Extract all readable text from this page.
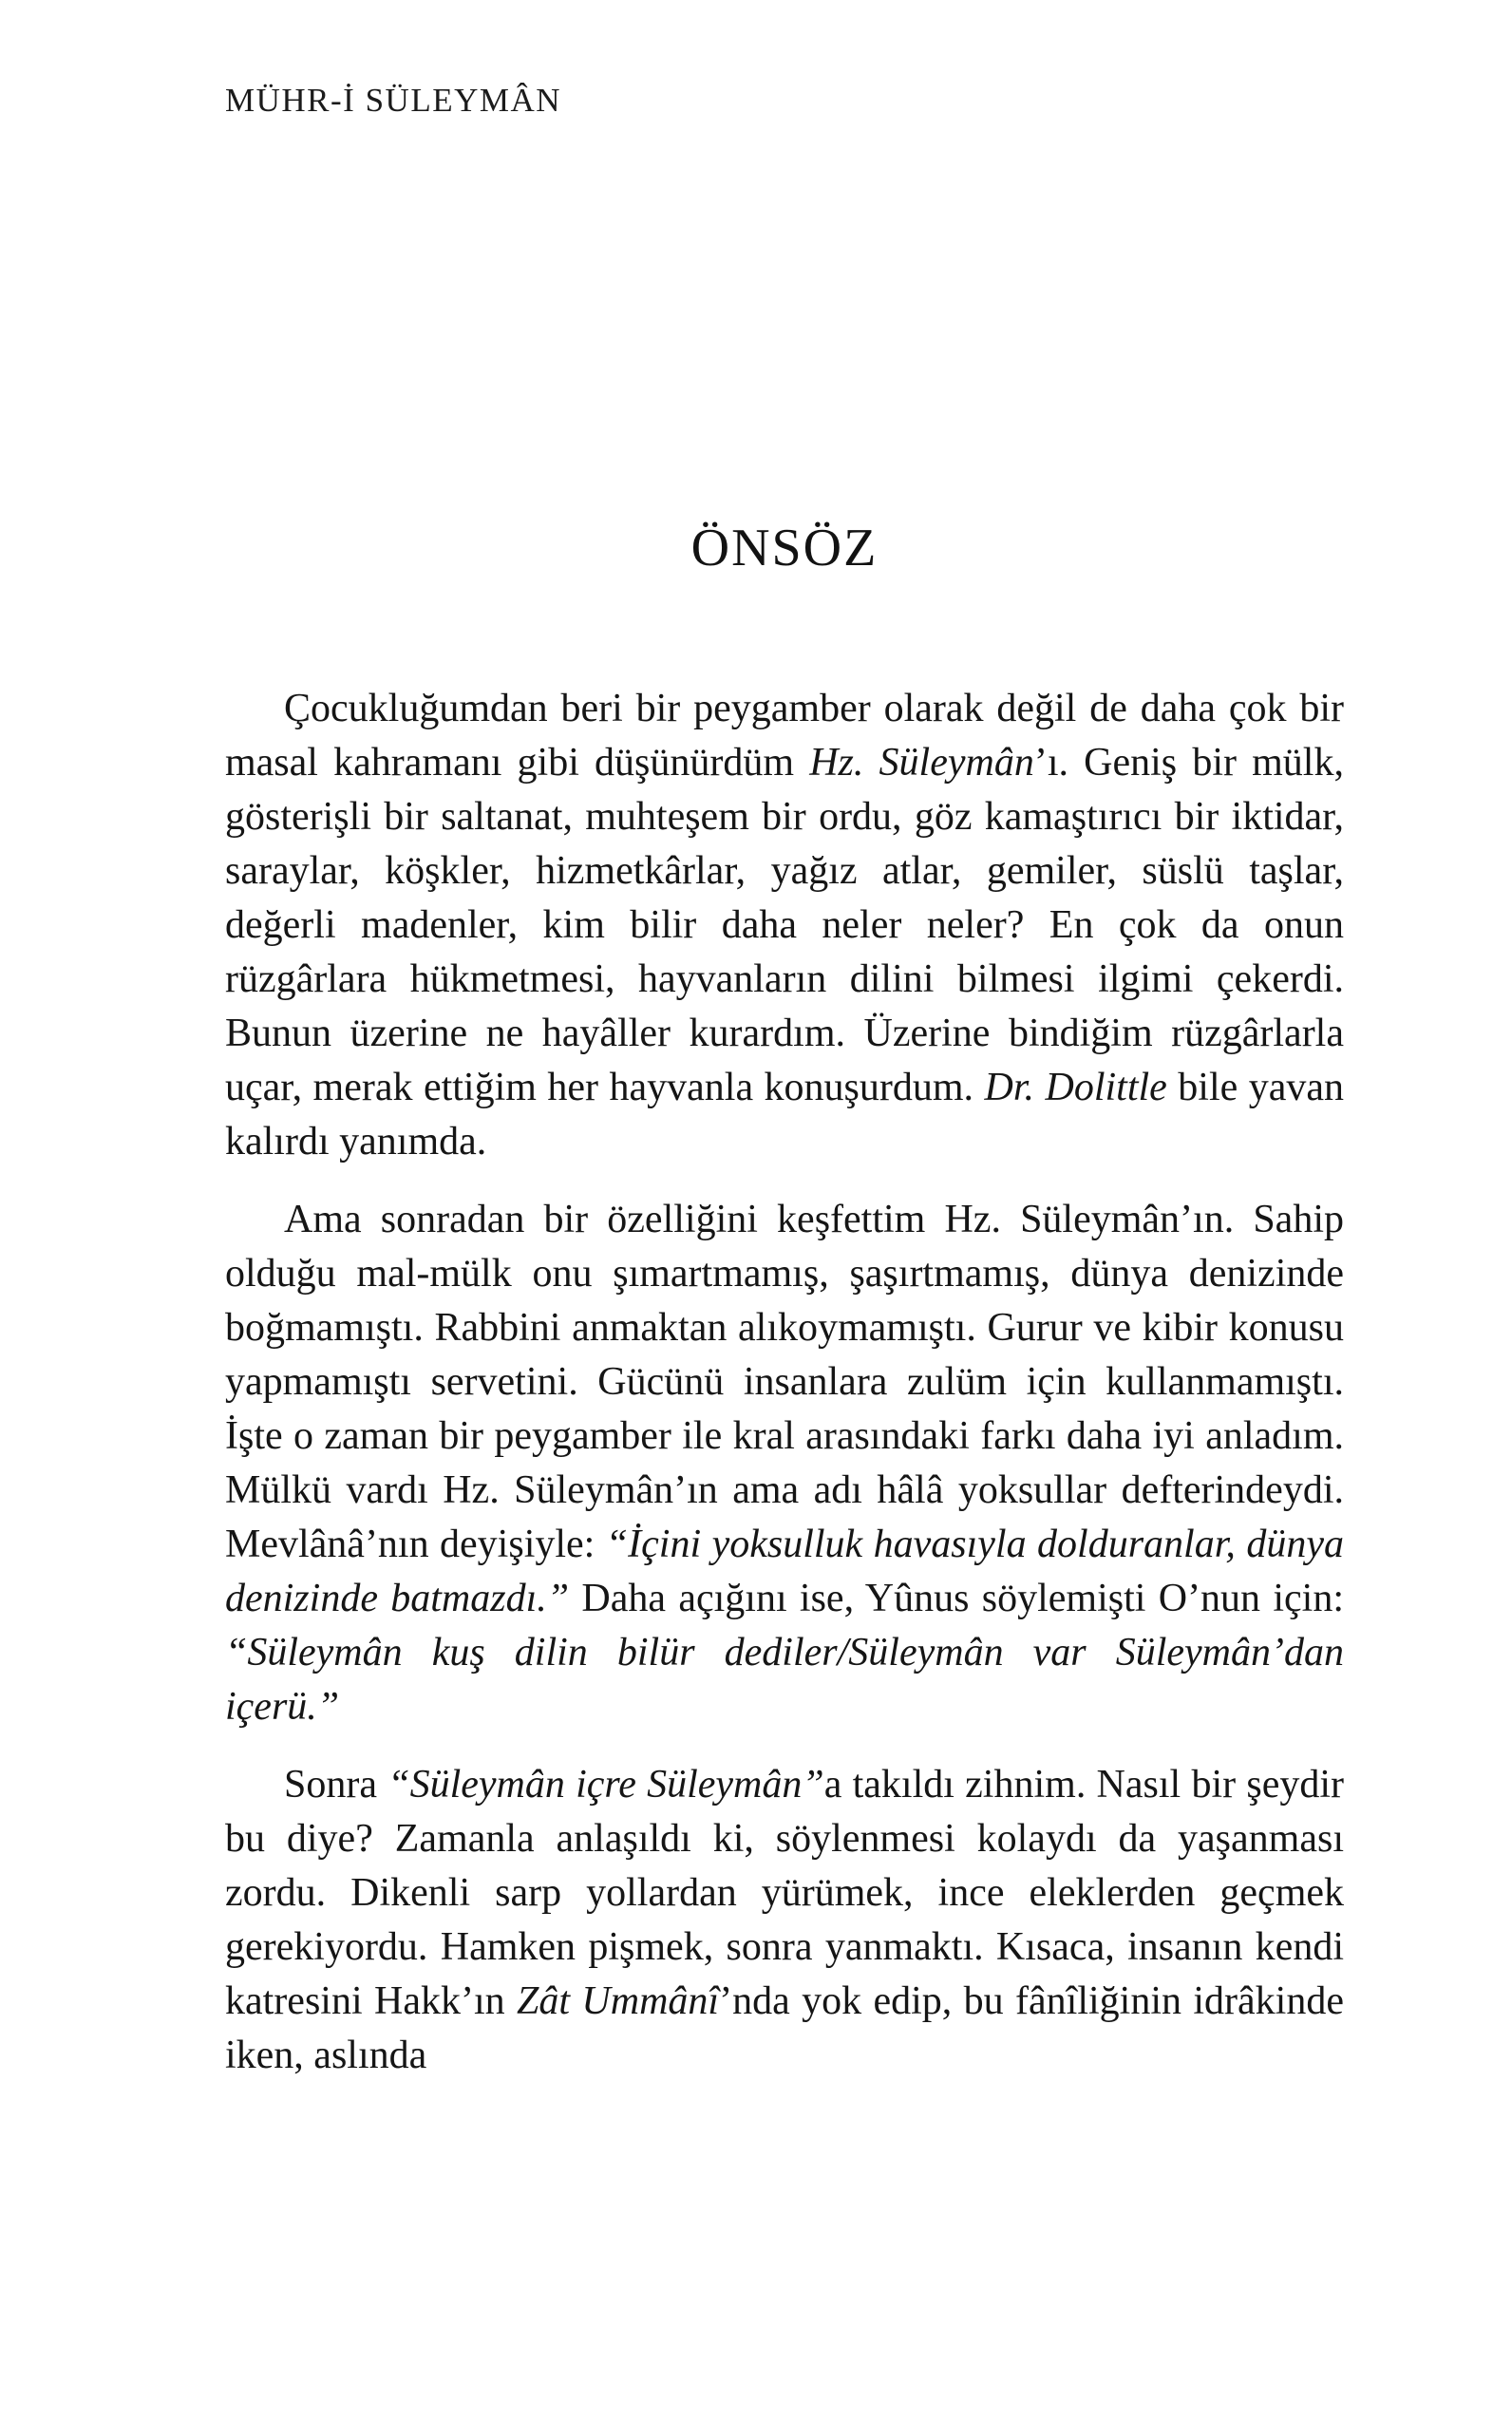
MÜHR-İ SÜLEYMÂN
ÖNSÖZ

Çocukluğumdan beri bir peygamber olarak değil de daha çok bir masal kahramanı gibi düşünürdüm Hz. Süleymân’ı. Geniş bir mülk, gösterişli bir saltanat, muhteşem bir ordu, göz kamaştırıcı bir iktidar, saraylar, köşkler, hizmetkârlar, yağız atlar, gemiler, süslü taşlar, değerli madenler, kim bilir daha neler neler? En çok da onun rüzgârlara hükmetmesi, hayvanların dilini bilmesi ilgimi çekerdi. Bunun üzerine ne hayâller kurardım. Üzerine bindiğim rüzgârlarla uçar, merak ettiğim her hayvanla konuşurdum. Dr. Dolittle bile yavan kalırdı yanımda.

Ama sonradan bir özelliğini keşfettim Hz. Süleymân’ın. Sahip olduğu mal-mülk onu şımartmamış, şaşırtmamış, dünya denizinde boğmamıştı. Rabbini anmaktan alıkoymamıştı. Gurur ve kibir konusu yapmamıştı servetini. Gücünü insanlara zulüm için kullanmamıştı. İşte o zaman bir peygamber ile kral arasındaki farkı daha iyi anladım. Mülkü vardı Hz. Süleymân’ın ama adı hâlâ yoksullar defterindeydi. Mevlânâ’nın deyişiyle: “İçini yoksulluk havasıyla dolduranlar, dünya denizinde batmazdı.” Daha açığını ise, Yûnus söylemişti O’nun için: “Süleymân kuş dilin bilür dediler/Süleymân var Süleymân’dan içerü.”

Sonra “Süleymân içre Süleymân”a takıldı zihnim. Nasıl bir şeydir bu diye? Zamanla anlaşıldı ki, söylenmesi kolaydı da yaşanması zordu. Dikenli sarp yollardan yürümek, ince eleklerden geçmek gerekiyordu. Hamken pişmek, sonra yanmaktı. Kısaca, insanın kendi katresini Hakk’ın Zât Ummânî’nda yok edip, bu fânîliğinin idrâkinde iken, aslında
